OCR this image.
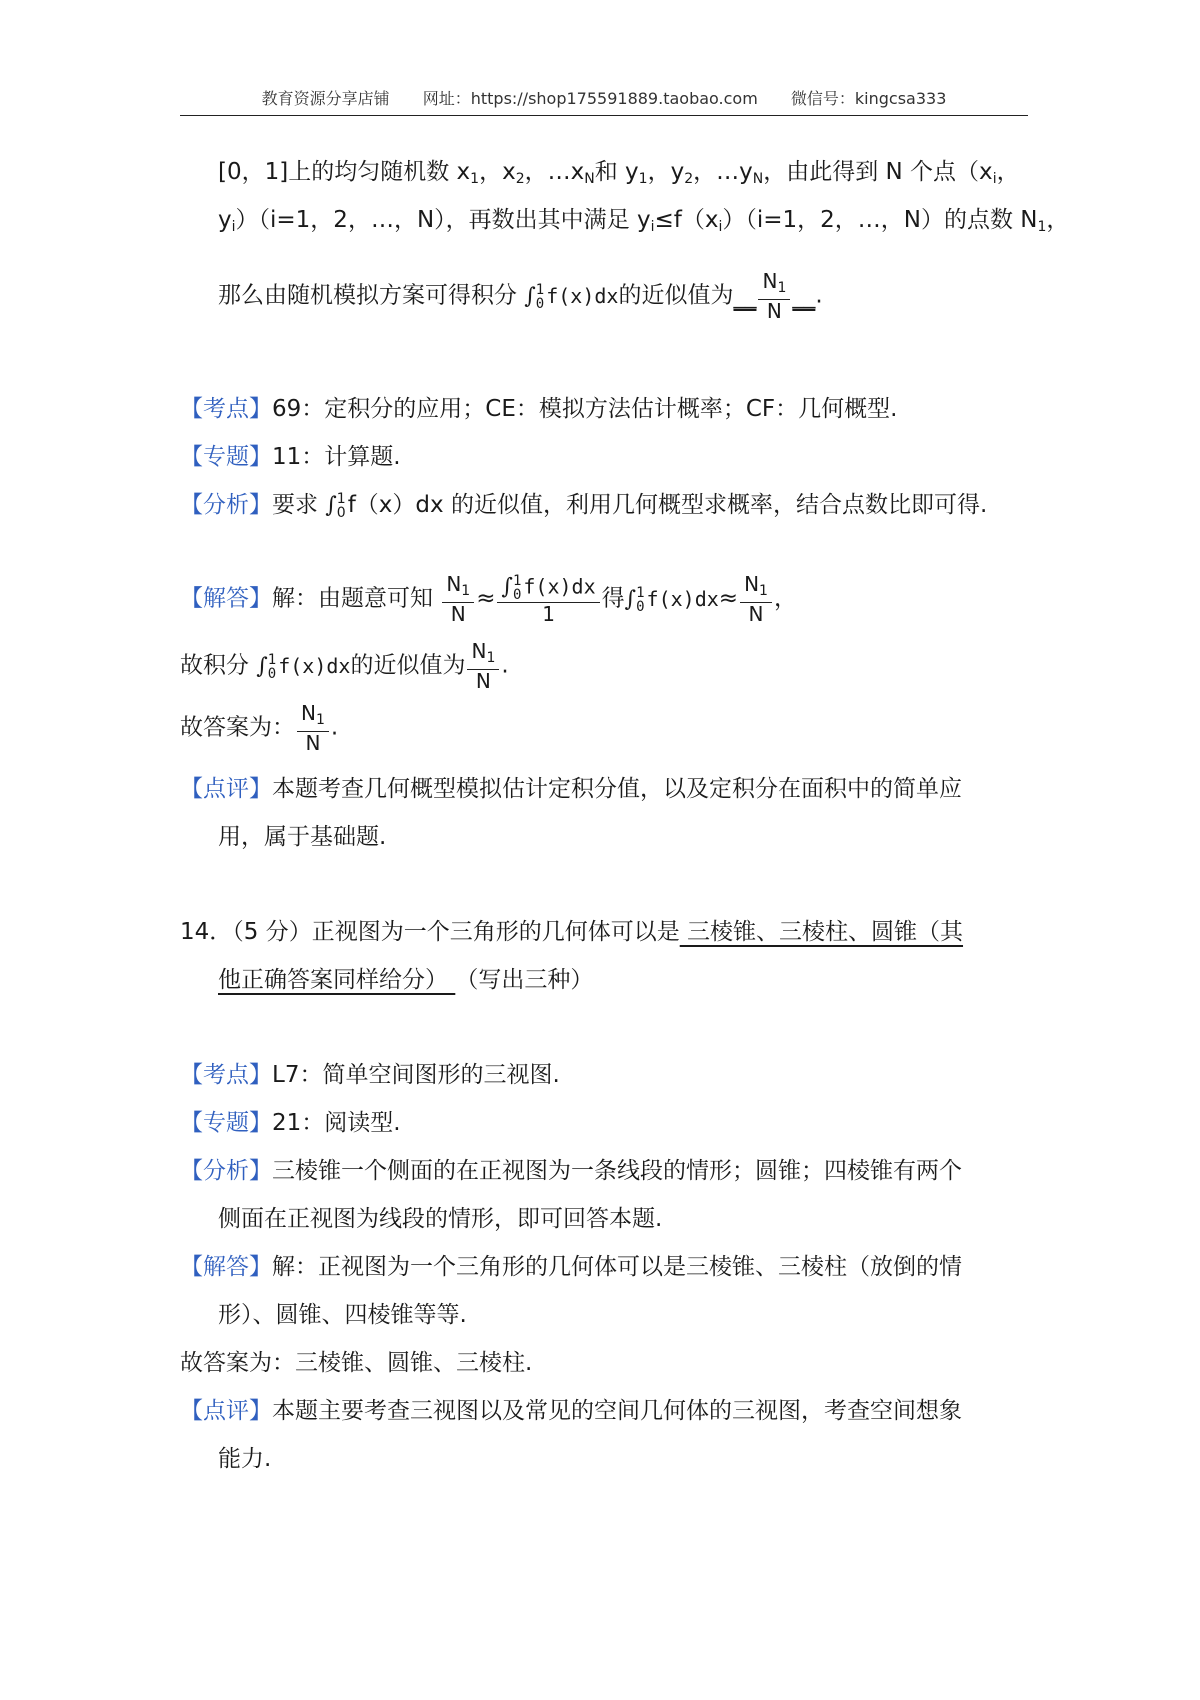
教育资源分享店铺 网址：https://shop175591889.taobao.com 微信号：kingcsa333
[0，1]上的均匀随机数 $x_1$，$x_2$，$\dots x_N$和 $y_1$，$y_2$，$\dots y_N$，由此得到 N 个点（$x_i$，
$y_i)(i=1$，2，…，N），再数出其中满足 $y_i\le f(x_i)(i=1$，2，…，N）的点数 $N_1$，
那么由随机模拟方案可得积分 ∫ 1
0 f(x)dx的近似值为__ $\frac{N_1}{N}$ __.
【考点】69：定积分的应用；CE：模拟方法估计概率；CF：几何概型.
【专题】11：计算题.
【分析】要求 ∫ 1
0 f（x）dx 的近似值，利用几何概型求概率，结合点数比即可得.
【解答】解：由题意可知 $\frac{N_1}{N}$ ≈ ∫ 1
0 f(x)dx
1 得∫ 1
0 $f(x)dx\approx \frac{N_1}{N}$ ，
故积分 ∫ 1
0 f(x)dx的近似值为 $\frac{N_1}{N}$ .
故答案为： $\frac{N_1}{N}$ .
【点评】本题考查几何概型模拟估计定积分值，以及定积分在面积中的简单应
用，属于基础题.
14．（5 分）正视图为一个三角形的几何体可以是 三棱锥、三棱柱、圆锥（其
他正确答案同样给分） （写出三种）
【考点】L7：简单空间图形的三视图.
【专题】21：阅读型.
【分析】三棱锥一个侧面的在正视图为一条线段的情形；圆锥；四棱锥有两个
侧面在正视图为线段的情形，即可回答本题.
【解答】解：正视图为一个三角形的几何体可以是三棱锥、三棱柱（放倒的情
形）、圆锥、四棱锥等等.
故答案为：三棱锥、圆锥、三棱柱.
【点评】本题主要考查三视图以及常见的空间几何体的三视图，考查空间想象
能力.
